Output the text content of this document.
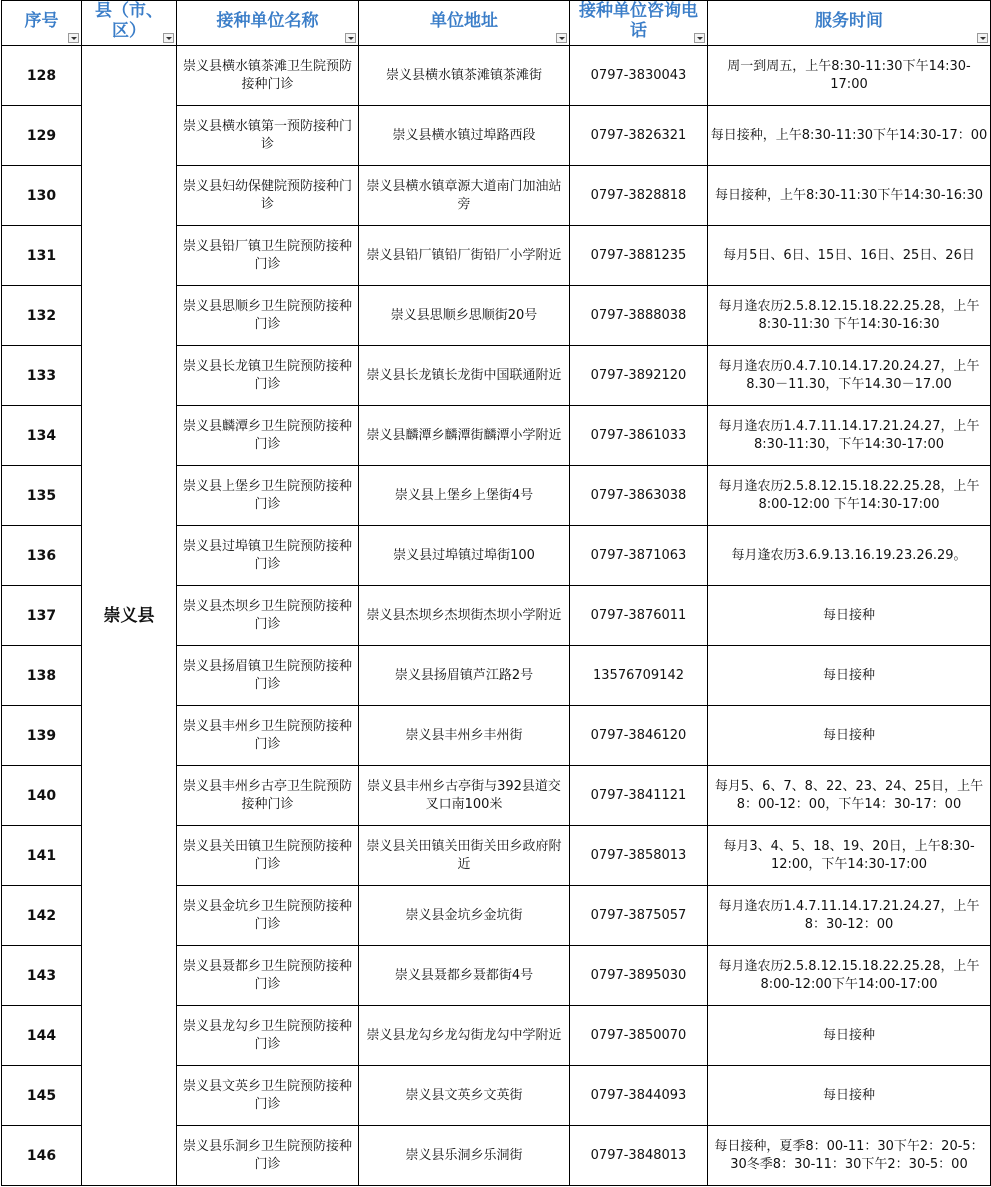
序号	县（市、区）	接种单位名称	单位地址	接种单位咨询电话	服务时间

128	崇义县	崇义县横水镇茶滩卫生院预防接种门诊	崇义县横水镇茶滩镇茶滩街	0797-3830043	周一到周五，上午8:30-11:30下午14:30-17:00
129		崇义县横水镇第一预防接种门诊	崇义县横水镇过埠路西段	0797-3826321	每日接种，上午8:30-11:30下午14:30-17：00
130		崇义县妇幼保健院预防接种门诊	崇义县横水镇章源大道南门加油站旁	0797-3828818	每日接种，上午8:30-11:30下午14:30-16:30
131		崇义县铅厂镇卫生院预防接种门诊	崇义县铅厂镇铅厂街铅厂小学附近	0797-3881235	每月5日、6日、15日、16日、25日、26日
132		崇义县思顺乡卫生院预防接种门诊	崇义县思顺乡思顺街20号	0797-3888038	每月逢农历2.5.8.12.15.18.22.25.28，上午8:30-11:30 下午14:30-16:30
133		崇义县长龙镇卫生院预防接种门诊	崇义县长龙镇长龙街中国联通附近	0797-3892120	每月逢农历0.4.7.10.14.17.20.24.27，上午8.30－11.30，下午14.30－17.00
134		崇义县麟潭乡卫生院预防接种门诊	崇义县麟潭乡麟潭街麟潭小学附近	0797-3861033	每月逢农历1.4.7.11.14.17.21.24.27，上午8:30-11:30，下午14:30-17:00
135		崇义县上堡乡卫生院预防接种门诊	崇义县上堡乡上堡街4号	0797-3863038	每月逢农历2.5.8.12.15.18.22.25.28，上午8:00-12:00 下午14:30-17:00
136		崇义县过埠镇卫生院预防接种门诊	崇义县过埠镇过埠街100	0797-3871063	每月逢农历3.6.9.13.16.19.23.26.29。
137		崇义县杰坝乡卫生院预防接种门诊	崇义县杰坝乡杰坝街杰坝小学附近	0797-3876011	每日接种
138		崇义县扬眉镇卫生院预防接种门诊	崇义县扬眉镇芦江路2号	13576709142	每日接种
139		崇义县丰州乡卫生院预防接种门诊	崇义县丰州乡丰州街	0797-3846120	每日接种
140		崇义县丰州乡古亭卫生院预防接种门诊	崇义县丰州乡古亭街与392县道交叉口南100米	0797-3841121	每月5、6、7、8、22、23、24、25日，上午8：00-12：00，下午14：30-17：00
141		崇义县关田镇卫生院预防接种门诊	崇义县关田镇关田街关田乡政府附近	0797-3858013	每月3、4、5、18、19、20日，上午8:30-12:00，下午14:30-17:00
142		崇义县金坑乡卫生院预防接种门诊	崇义县金坑乡金坑街	0797-3875057	每月逢农历1.4.7.11.14.17.21.24.27，上午8：30-12：00
143		崇义县聂都乡卫生院预防接种门诊	崇义县聂都乡聂都街4号	0797-3895030	每月逢农历2.5.8.12.15.18.22.25.28，上午8:00-12:00下午14:00-17:00
144		崇义县龙勾乡卫生院预防接种门诊	崇义县龙勾乡龙勾街龙勾中学附近	0797-3850070	每日接种
145		崇义县文英乡卫生院预防接种门诊	崇义县文英乡文英街	0797-3844093	每日接种
146		崇义县乐洞乡卫生院预防接种门诊	崇义县乐洞乡乐洞街	0797-3848013	每日接种，夏季8：00-11：30下午2：20-5：30冬季8：30-11：30下午2：30-5：00
